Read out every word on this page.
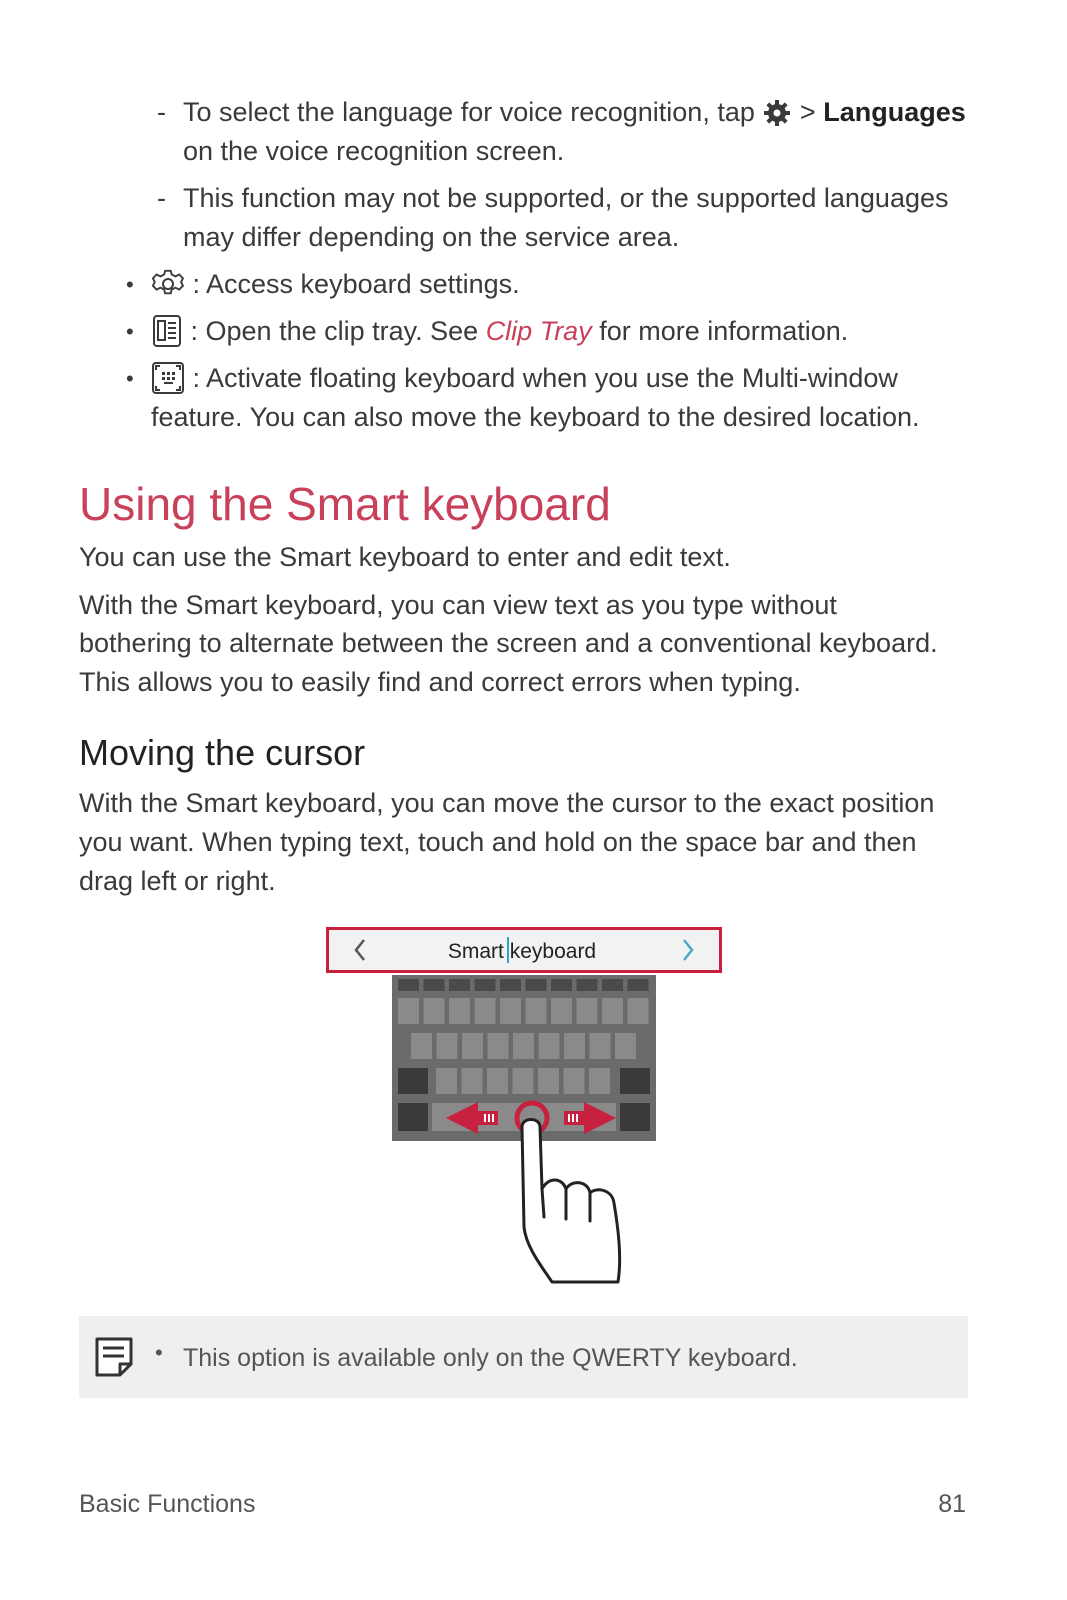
- To select the language for voice recognition, tap > Languages
on the voice recognition screen.
- This function may not be supported, or the supported languages
may differ depending on the service area.
•	: Access keyboard settings.
•	: Open the clip tray. See Clip Tray for more information.
•	: Activate floating keyboard when you use the Multi-window
feature. You can also move the keyboard to the desired location.
Using the Smart keyboard
You can use the Smart keyboard to enter and edit text.
With the Smart keyboard, you can view text as you type without
bothering to alternate between the screen and a conventional keyboard.
This allows you to easily find and correct errors when typing.
Moving the cursor
With the Smart keyboard, you can move the cursor to the exact position
you want. When typing text, touch and hold on the space bar and then
drag left or right.
Smart keyboard
• This option is available only on the QWERTY keyboard.
Basic Functions	81
